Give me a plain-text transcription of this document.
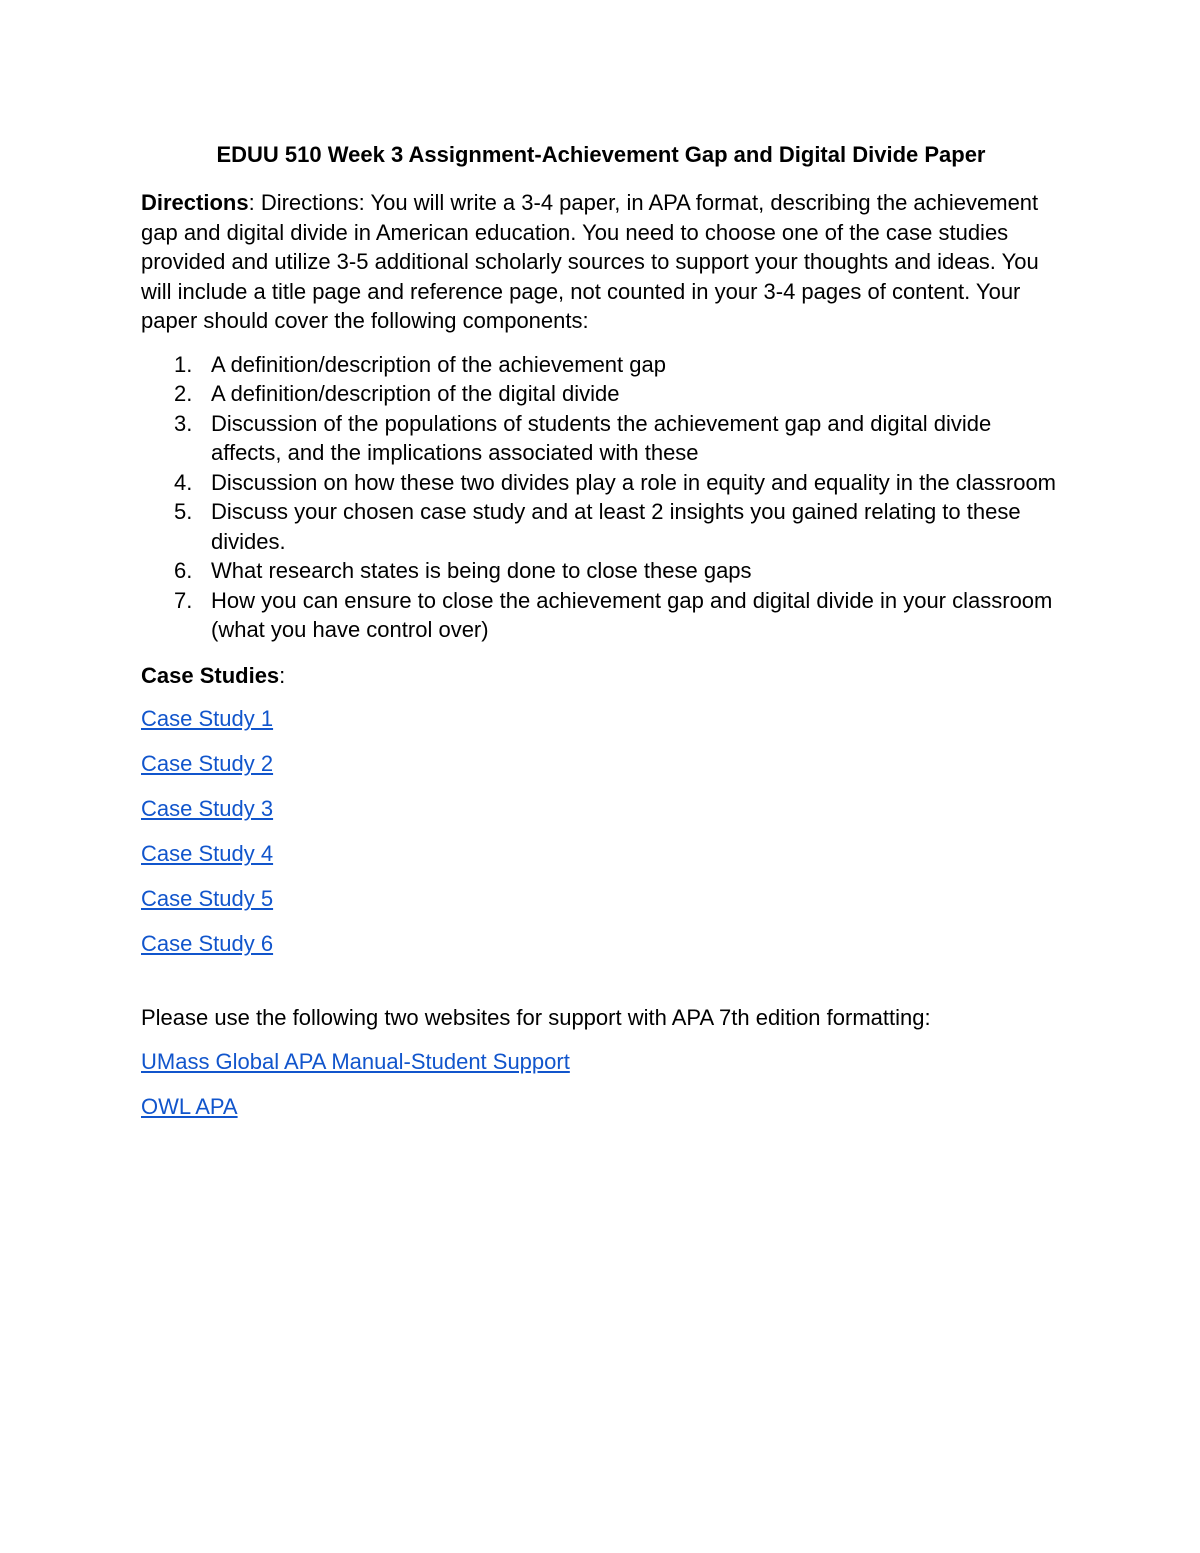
EDUU 510 Week 3 Assignment-Achievement Gap and Digital Divide Paper
Directions: Directions: You will write a 3-4 paper, in APA format, describing the achievement gap and digital divide in American education. You need to choose one of the case studies provided and utilize 3-5 additional scholarly sources to support your thoughts and ideas. You will include a title page and reference page, not counted in your 3-4 pages of content. Your paper should cover the following components:
1. A definition/description of the achievement gap
2. A definition/description of the digital divide
3. Discussion of the populations of students the achievement gap and digital divide affects, and the implications associated with these
4. Discussion on how these two divides play a role in equity and equality in the classroom
5. Discuss your chosen case study and at least 2 insights you gained relating to these divides.
6. What research states is being done to close these gaps
7. How you can ensure to close the achievement gap and digital divide in your classroom (what you have control over)
Case Studies:
Case Study 1
Case Study 2
Case Study 3
Case Study 4
Case Study 5
Case Study 6
Please use the following two websites for support with APA 7th edition formatting:
UMass Global APA Manual-Student Support
OWL APA
